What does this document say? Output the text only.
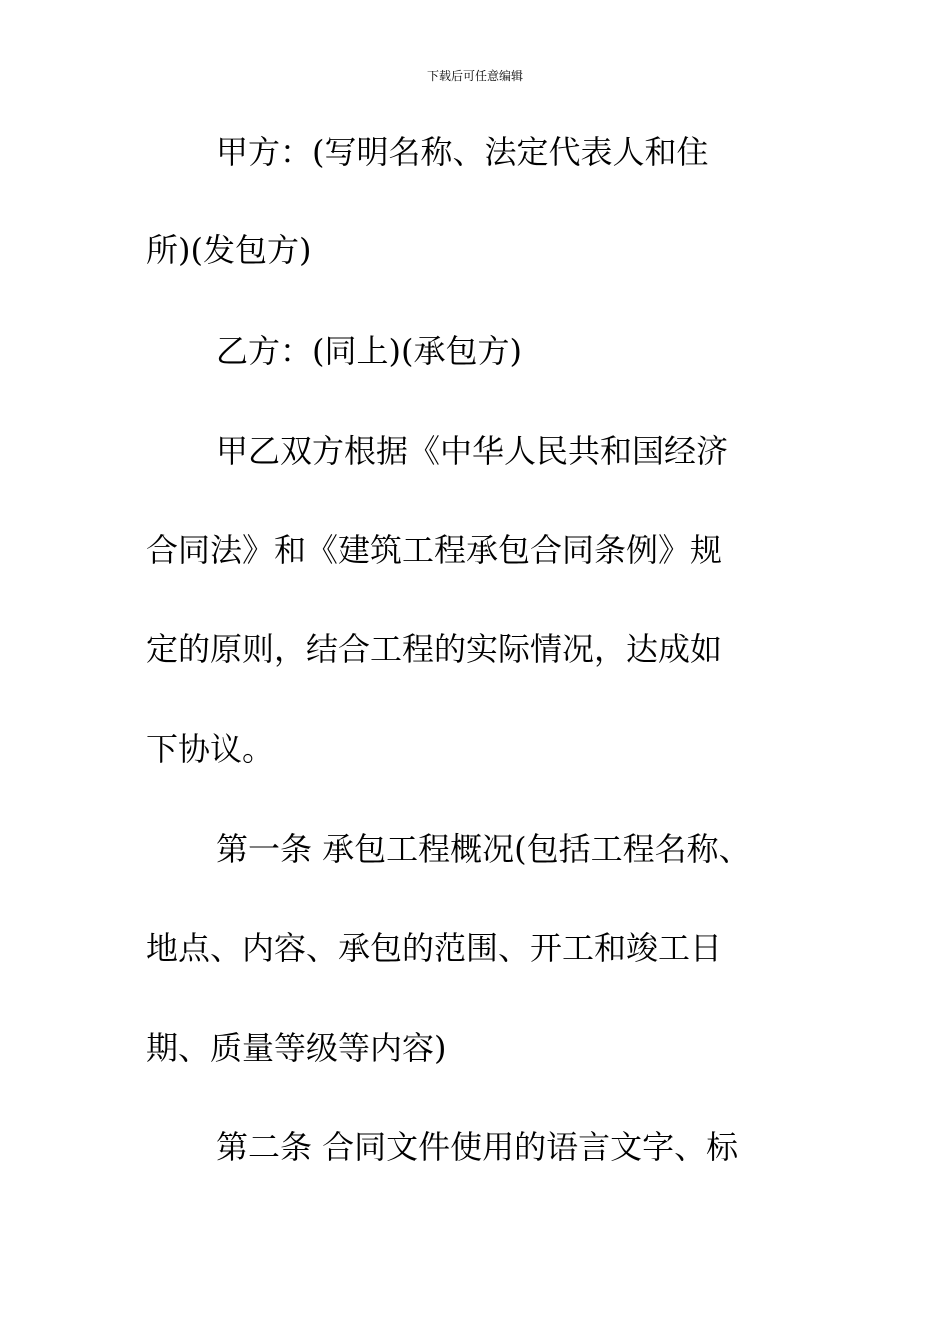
下载后可任意编辑
甲方：(写明名称、法定代表人和住
所)(发包方)
乙方：(同上)(承包方)
甲乙双方根据《中华人民共和国经济
合同法》和《建筑工程承包合同条例》规
定的原则，结合工程的实际情况，达成如
下协议。
第一条 承包工程概况(包括工程名称、
地点、内容、承包的范围、开工和竣工日
期、质量等级等内容)
第二条 合同文件使用的语言文字、标
